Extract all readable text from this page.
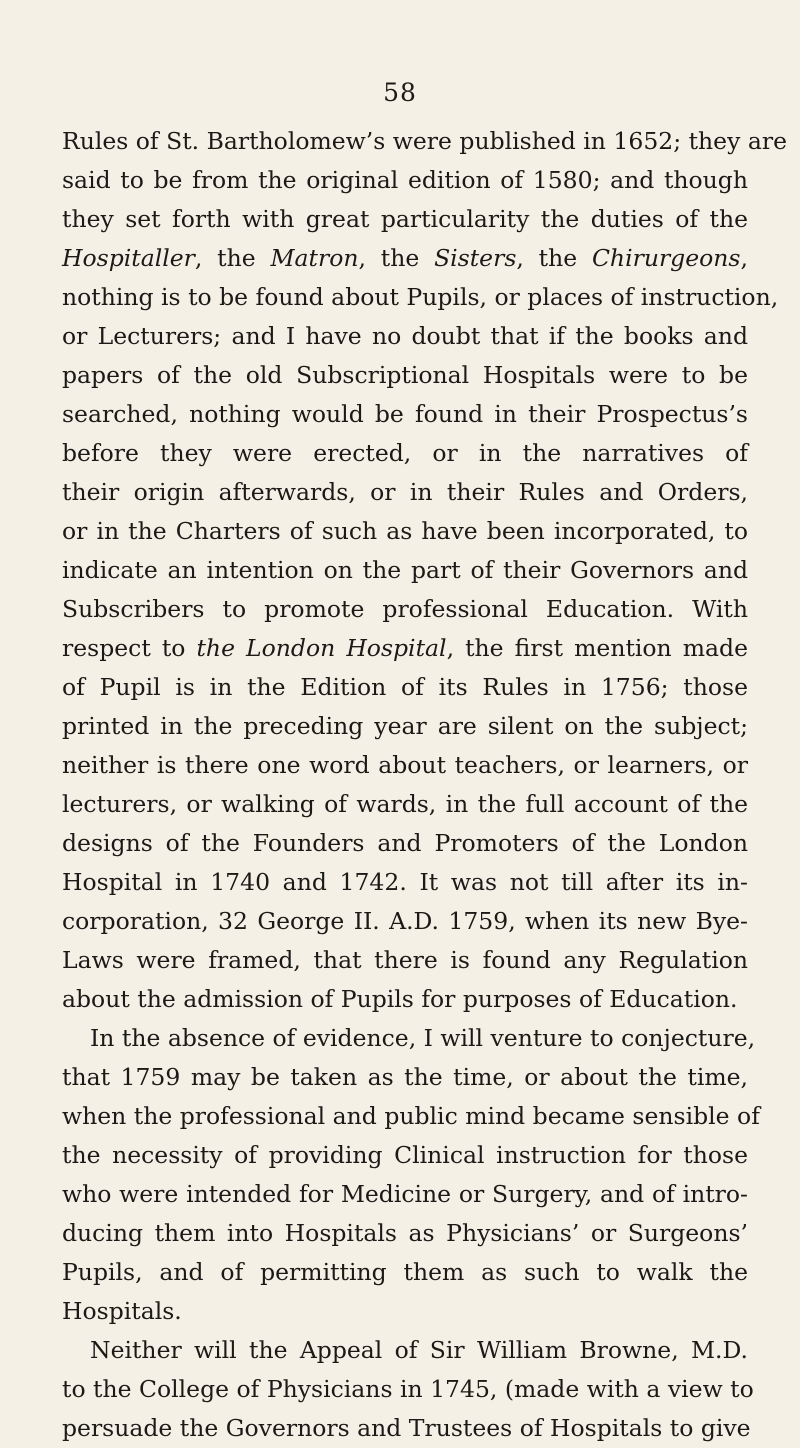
58
Rules of St. Bartholomew’s were published in 1652; they are
said to be from the original edition of 1580; and though
they set forth with great particularity the duties of the
Hospitaller, the Matron, the Sisters, the Chirurgeons,
nothing is to be found about Pupils, or places of instruction,
or Lecturers; and I have no doubt that if the books and
papers of the old Subscriptional Hospitals were to be
searched, nothing would be found in their Prospectus’s
before they were erected, or in the narratives of
their origin afterwards, or in their Rules and Orders,
or in the Charters of such as have been incorporated, to
indicate an intention on the part of their Governors and
Subscribers to promote professional Education. With
respect to the London Hospital, the first mention made
of Pupil is in the Edition of its Rules in 1756; those
printed in the preceding year are silent on the subject;
neither is there one word about teachers, or learners, or
lecturers, or walking of wards, in the full account of the
designs of the Founders and Promoters of the London
Hospital in 1740 and 1742. It was not till after its in-
corporation, 32 George II. A.D. 1759, when its new Bye-
Laws were framed, that there is found any Regulation
about the admission of Pupils for purposes of Education.
In the absence of evidence, I will venture to conjecture,
that 1759 may be taken as the time, or about the time,
when the professional and public mind became sensible of
the necessity of providing Clinical instruction for those
who were intended for Medicine or Surgery, and of intro-
ducing them into Hospitals as Physicians’ or Surgeons’
Pupils, and of permitting them as such to walk the
Hospitals.
Neither will the Appeal of Sir William Browne, M.D.
to the College of Physicians in 1745, (made with a view to
persuade the Governors and Trustees of Hospitals to give
